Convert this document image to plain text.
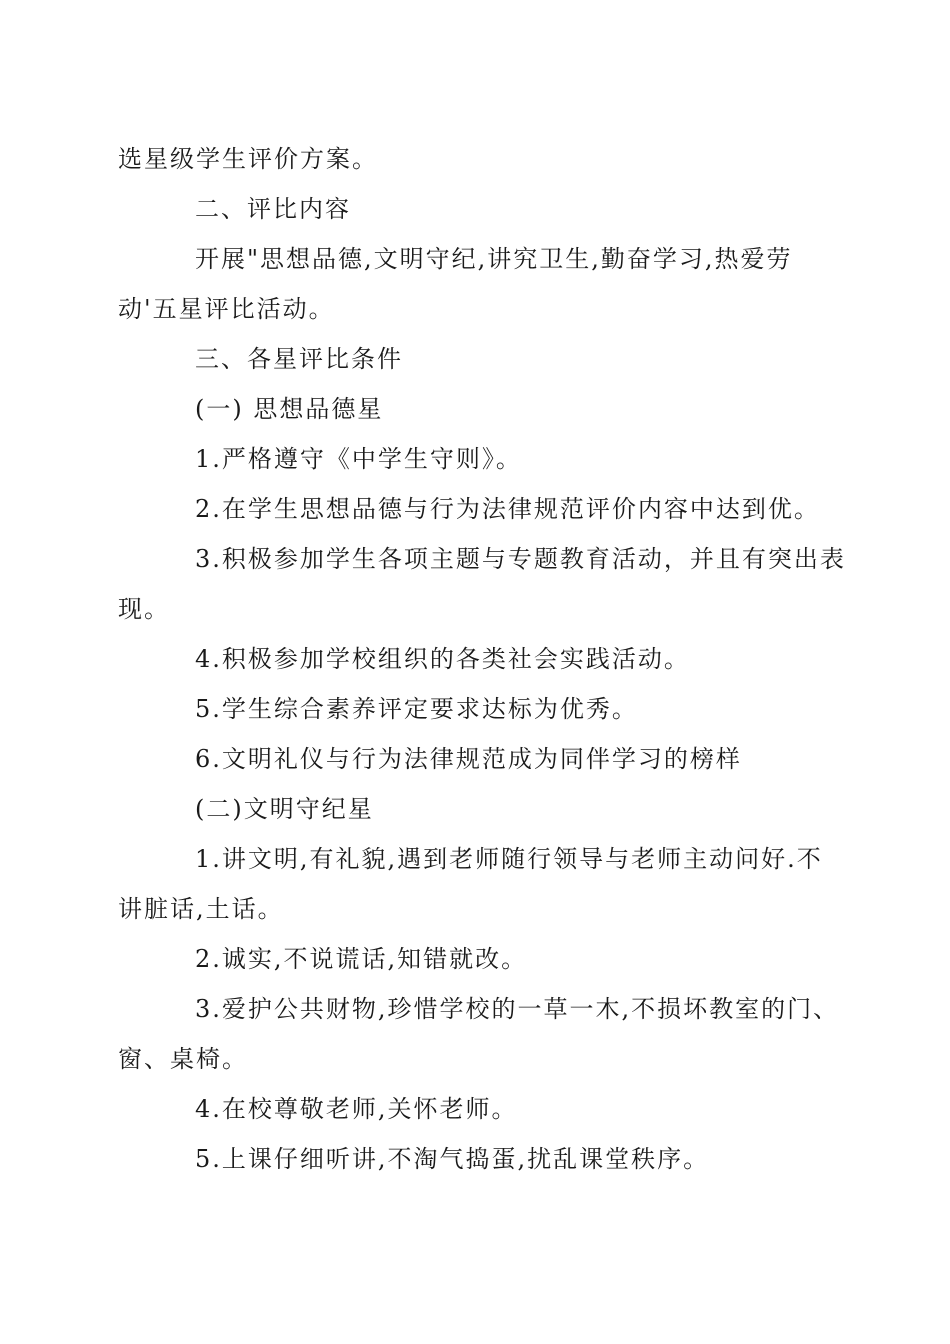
选星级学生评价方案。
二、评比内容
开展"思想品德,文明守纪,讲究卫生,勤奋学习,热爱劳
动'五星评比活动。
三、各星评比条件
(一) 思想品德星
1.严格遵守《中学生守则》。
2.在学生思想品德与行为法律规范评价内容中达到优。
3.积极参加学生各项主题与专题教育活动，并且有突出表
现。
4.积极参加学校组织的各类社会实践活动。
5.学生综合素养评定要求达标为优秀。
6.文明礼仪与行为法律规范成为同伴学习的榜样
(二)文明守纪星
1.讲文明,有礼貌,遇到老师随行领导与老师主动问好.不
讲脏话,土话。
2.诚实,不说谎话,知错就改。
3.爱护公共财物,珍惜学校的一草一木,不损坏教室的门、
窗、桌椅。
4.在校尊敬老师,关怀老师。
5.上课仔细听讲,不淘气捣蛋,扰乱课堂秩序。
